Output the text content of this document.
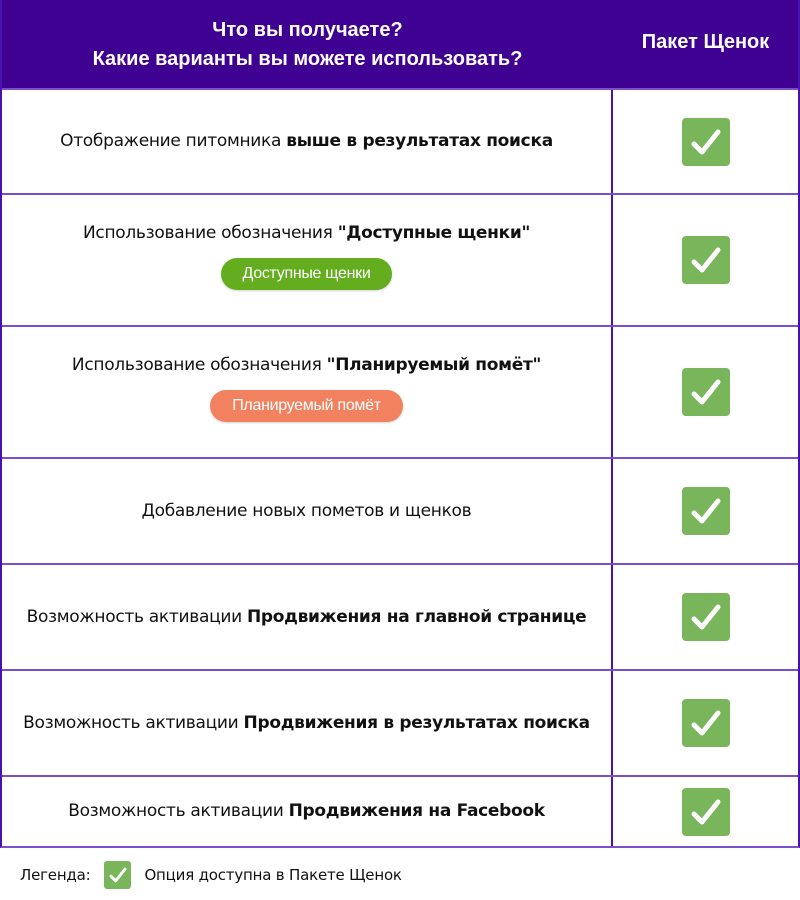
Что вы получаете?
Какие варианты вы можете использовать?
Пакет Щенок
Отображение питомника выше в результатах поиска
Использование обозначения "Доступные щенки"
Доступные щенки
Использование обозначения "Планируемый помёт"
Планируемый помёт
Добавление новых пометов и щенков
Возможность активации Продвижения на главной странице
Возможность активации Продвижения в результатах поиска
Возможность активации Продвижения на Facebook
Легенда:	Опция доступна в Пакете Щенок
